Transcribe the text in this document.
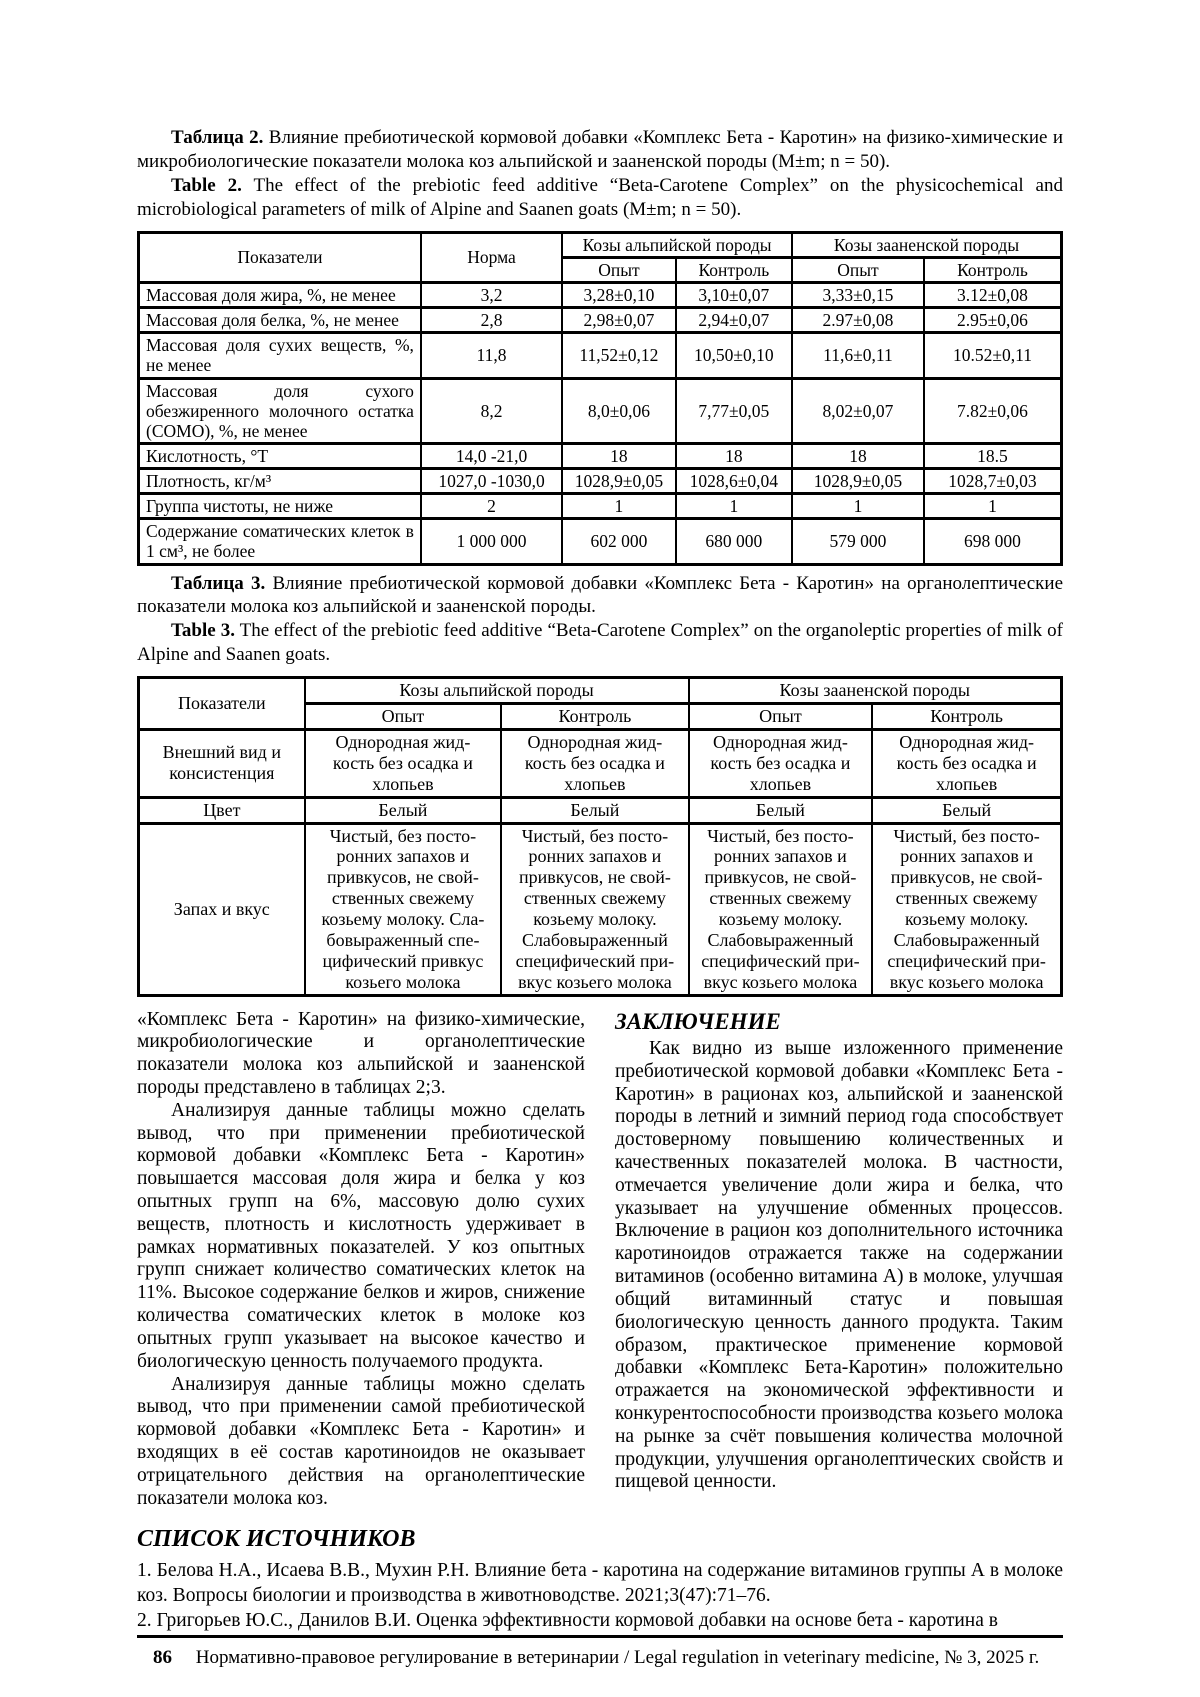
Таблица 2. Влияние пребиотической кормовой добавки «Комплекс Бета - Каротин» на физико-химические и микробиологические показатели молока коз альпийской и зааненской породы (M±m; n = 50).

Table 2. The effect of the prebiotic feed additive “Beta-Carotene Complex” on the physicochemical and microbiological parameters of milk of Alpine and Saanen goats (M±m; n = 50).

Показатели	Норма	Козы альпийской породы		Козы зааненской породы	
		Опыт	Контроль	Опыт	Контроль
Массовая доля жира, %, не менее	3,2	3,28±0,10	3,10±0,07	3,33±0,15	3.12±0,08
Массовая доля белка, %, не менее	2,8	2,98±0,07	2,94±0,07	2.97±0,08	2.95±0,06
Массовая доля сухих веществ, %, не менее	11,8	11,52±0,12	10,50±0,10	11,6±0,11	10.52±0,11
Массовая доля сухого обезжиренного молочного остатка (СОМО), %, не менее	8,2	8,0±0,06	7,77±0,05	8,02±0,07	7.82±0,06
Кислотность, °Т	14,0 -21,0	18	18	18	18.5
Плотность, кг/м³	1027,0 -1030,0	1028,9±0,05	1028,6±0,04	1028,9±0,05	1028,7±0,03
Группа чистоты, не ниже	2	1	1	1	1
Содержание соматических клеток в 1 см³, не более	1 000 000	602 000	680 000	579 000	698 000

Таблица 3. Влияние пребиотической кормовой добавки «Комплекс Бета - Каротин» на органолептические показатели молока коз альпийской и зааненской породы.

Table 3. The effect of the prebiotic feed additive “Beta-Carotene Complex” on the organoleptic properties of milk of Alpine and Saanen goats.

Показатели	Козы альпийской породы		Козы зааненской породы	
	Опыт	Контроль	Опыт	Контроль
Внешний вид и консистенция	Однородная жид-
кость без осадка и
хлопьев	Однородная жид-
кость без осадка и
хлопьев	Однородная жид-
кость без осадка и
хлопьев	Однородная жид-
кость без осадка и
хлопьев
Цвет	Белый	Белый	Белый	Белый
Запах и вкус	Чистый, без посто-
ронних запахов и
привкусов, не свой-
ственных свежему
козьему молоку. Сла-
бовыраженный спе-
цифический привкус
козьего молока	Чистый, без посто-
ронних запахов и
привкусов, не свой-
ственных свежему
козьему молоку.
Слабовыраженный
специфический при-
вкус козьего молока	Чистый, без посто-
ронних запахов и
привкусов, не свой-
ственных свежему
козьему молоку.
Слабовыраженный
специфический при-
вкус козьего молока	Чистый, без посто-
ронних запахов и
привкусов, не свой-
ственных свежему
козьему молоку.
Слабовыраженный
специфический при-
вкус козьего молока

«Комплекс Бета - Каротин» на физико-химические, микробиологические и органолептические показатели молока коз альпийской и зааненской породы представлено в таблицах 2;3.

Анализируя данные таблицы можно сделать вывод, что при применении пребиотической кормовой добавки «Комплекс Бета - Каротин» повышается массовая доля жира и белка у коз опытных групп на 6%, массовую долю сухих веществ, плотность и кислотность удерживает в рамках нормативных показателей. У коз опытных групп снижает количество соматических клеток на 11%. Высокое содержание белков и жиров, снижение количества соматических клеток в молоке коз опытных групп указывает на высокое качество и биологическую ценность получаемого продукта.

Анализируя данные таблицы можно сделать вывод, что при применении самой пребиотической кормовой добавки «Комплекс Бета - Каротин» и входящих в её состав каротиноидов не оказывает отрицательного действия на органолептические показатели молока коз.

ЗАКЛЮЧЕНИЕ

Как видно из выше изложенного применение пребиотической кормовой добавки «Комплекс Бета - Каротин» в рационах коз, альпийской и зааненской породы в летний и зимний период года способствует достоверному повышению количественных и качественных показателей молока. В частности, отмечается увеличение доли жира и белка, что указывает на улучшение обменных процессов. Включение в рацион коз дополнительного источника каротиноидов отражается также на содержании витаминов (особенно витамина А) в молоке, улучшая общий витаминный статус и повышая биологическую ценность данного продукта. Таким образом, практическое применение кормовой добавки «Комплекс Бета-Каротин» положительно отражается на экономической эффективности и конкурентоспособности производства козьего молока на рынке за счёт повышения количества молочной продукции, улучшения органолептических свойств и пищевой ценности.

СПИСОК ИСТОЧНИКОВ

1. Белова Н.А., Исаева В.В., Мухин Р.Н. Влияние бета - каротина на содержание витаминов группы А в молоке коз. Вопросы биологии и производства в животноводстве. 2021;3(47):71–76.

2. Григорьев Ю.С., Данилов В.И. Оценка эффективности кормовой добавки на основе бета - каротина в

86	Нормативно-правовое регулирование в ветеринарии / Legal regulation in veterinary medicine, № 3, 2025 г.
